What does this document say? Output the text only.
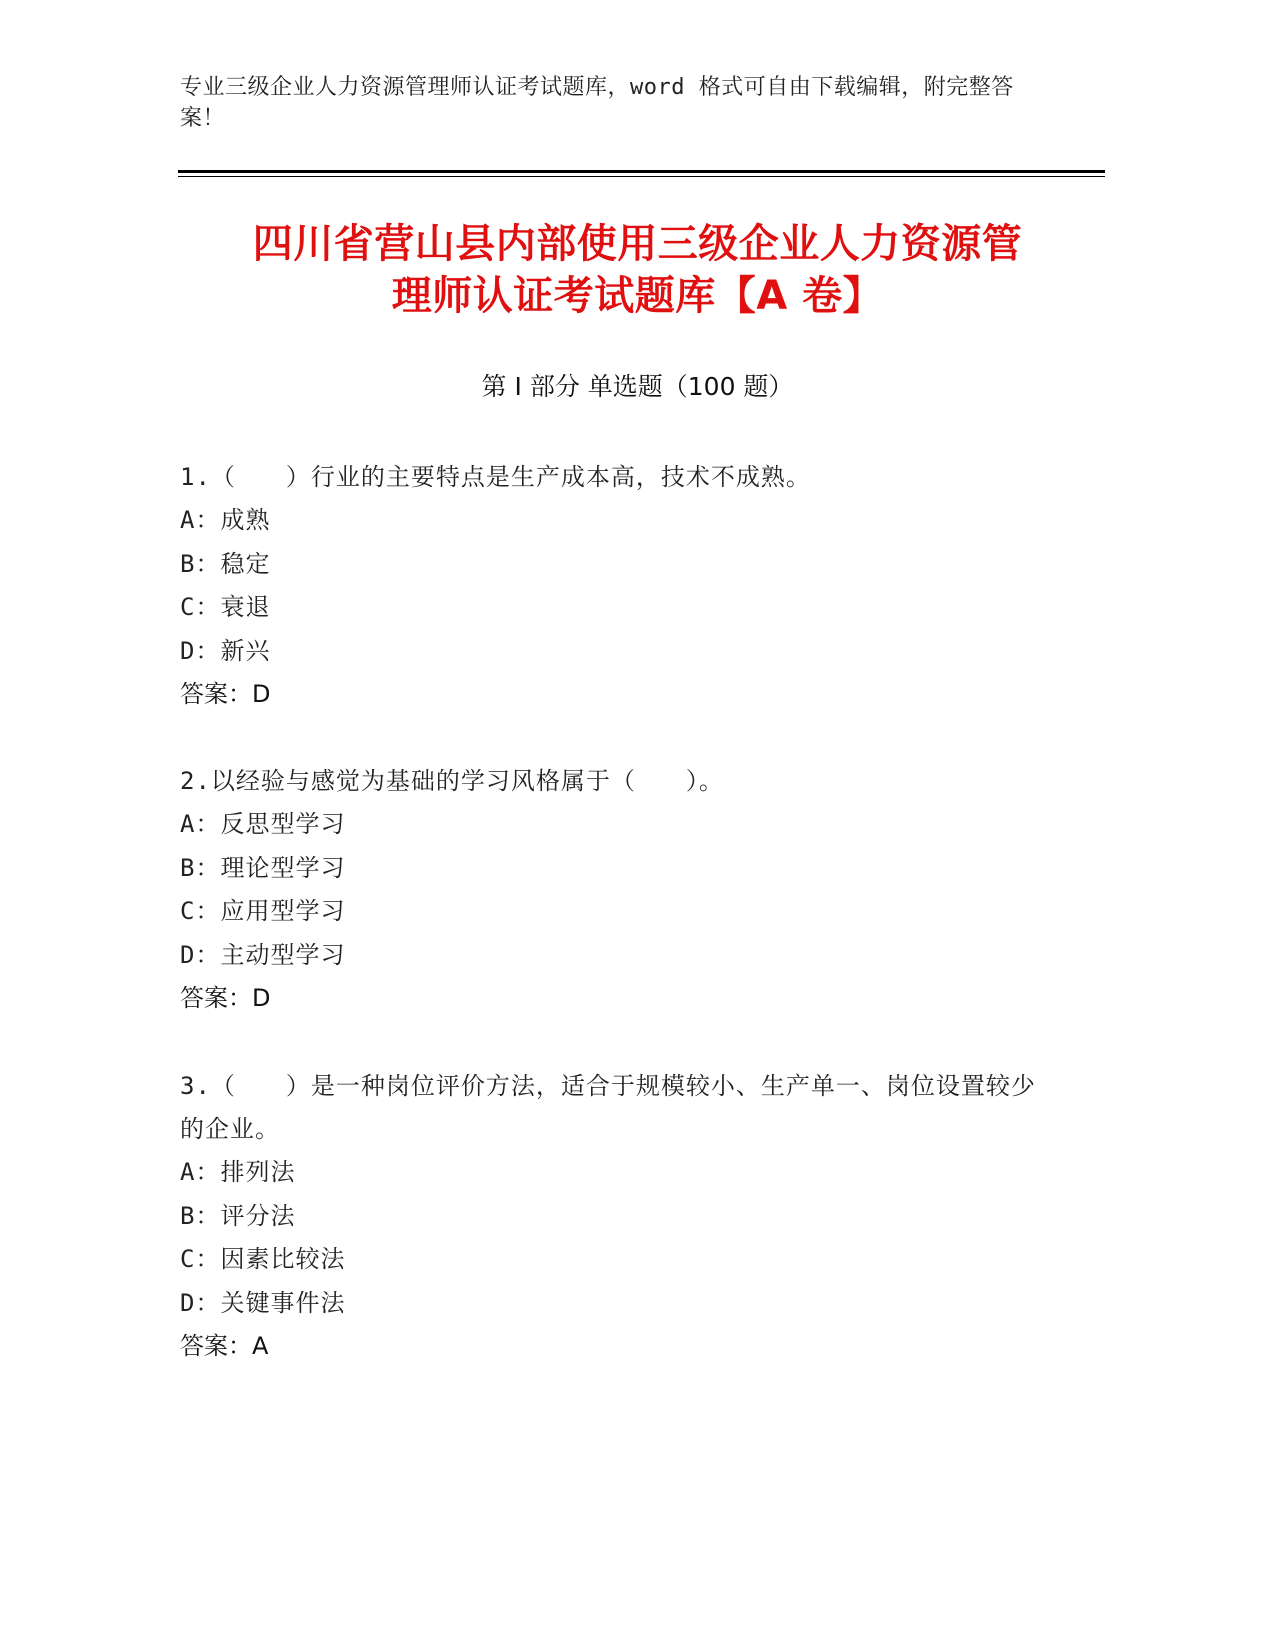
专业三级企业人力资源管理师认证考试题库，word 格式可自由下载编辑，附完整答案！
四川省营山县内部使用三级企业人力资源管
理师认证考试题库【A 卷】
第 I 部分 单选题（100 题）
1.（　　）行业的主要特点是生产成本高，技术不成熟。
A：成熟
B：稳定
C：衰退
D：新兴
答案：D
2.以经验与感觉为基础的学习风格属于（　　）。
A：反思型学习
B：理论型学习
C：应用型学习
D：主动型学习
答案：D
3.（　　）是一种岗位评价方法，适合于规模较小、生产单一、岗位设置较少的企业。
A：排列法
B：评分法
C：因素比较法
D：关键事件法
答案：A
